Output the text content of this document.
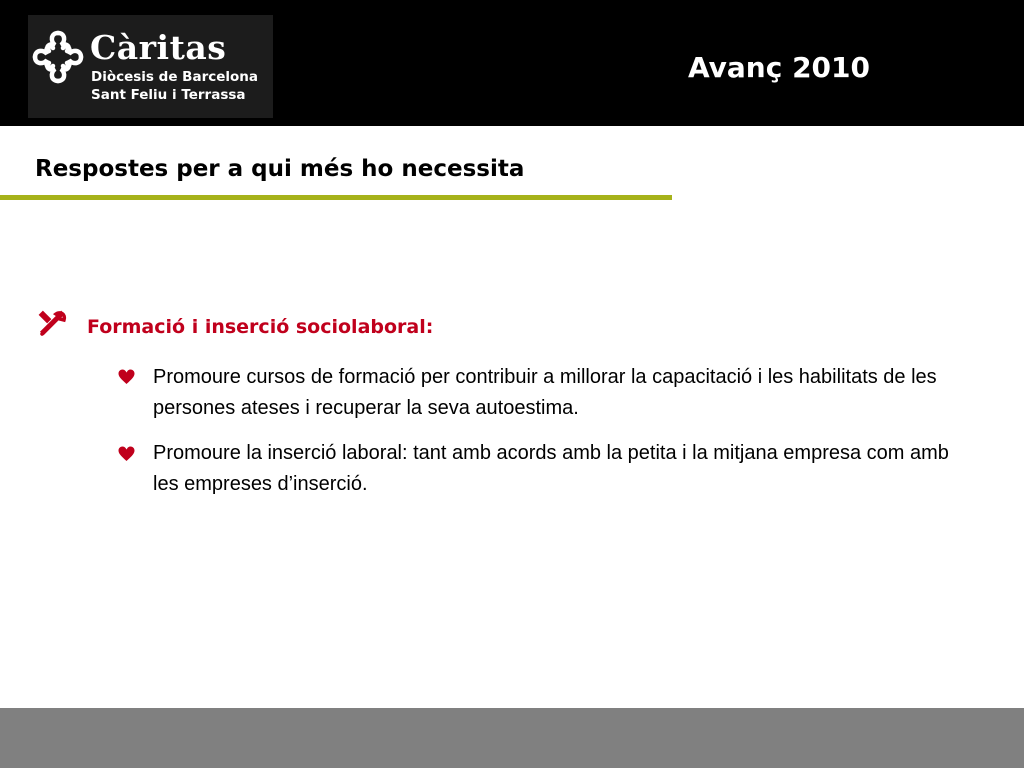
Càritas
Diòcesis de Barcelona
Sant Feliu i Terrassa
Avanç 2010
Respostes per a qui més ho necessita
Formació i inserció sociolaboral:
Promoure cursos de formació per contribuir a millorar la capacitació i les habilitats de les persones ateses i recuperar la seva autoestima.
Promoure la inserció laboral: tant amb acords amb la petita i la mitjana empresa com amb les empreses d’inserció.
